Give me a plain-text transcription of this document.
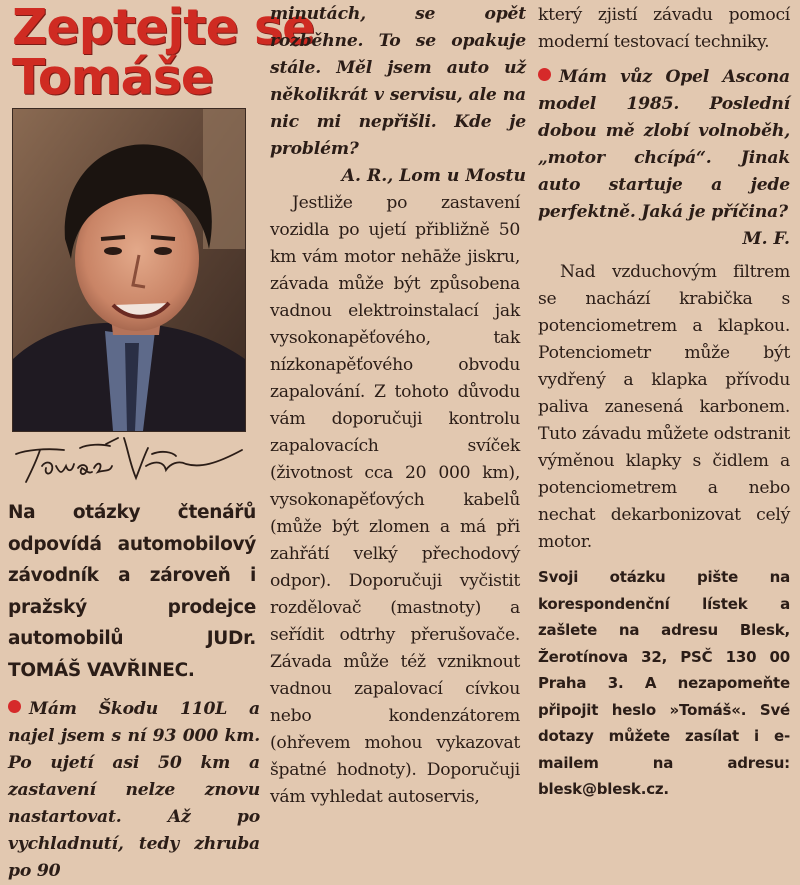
Zeptejte se
Tomáše
Na otázky čtenářů odpovídá automobilový závodník a zároveň i pražský prodejce automobilů JUDr. TOMÁŠ VAVŘINEC.
Mám Škodu 110L a najel jsem s ní 93 000 km. Po ujetí asi 50 km a zastavení nelze znovu nastartovat. Až po vychladnutí, tedy zhruba po 90

minutách, se opět rozběhne. To se opakuje stále. Měl jsem auto už několikrát v servisu, ale na nic mi nepřišli. Kde je problém?

A. R., Lom u Mostu

Jestliže po zastavení vozidla po ujetí přibližně 50 km vám motor nehāže jiskru, závada může být způsobena vadnou elektroinstalací jak vysokonapěťového, tak nízkonapěťového obvodu zapalování. Z tohoto důvodu vám doporučuji kontrolu zapalovacích svíček (životnost cca 20 000 km), vysokonapěťových kabelů (může být zlomen a má při zahřátí velký přechodový odpor). Doporučuji vyčistit rozdělovač (mastnoty) a seřídit odtrhy přerušovače. Závada může též vzniknout vadnou zapalovací cívkou nebo kondenzátorem (ohřevem mohou vykazovat špatné hodnoty). Doporučuji vám vyhledat autoservis,

který zjistí závadu pomocí moderní testovací techniky.

Mám vůz Opel Ascona model 1985. Poslední dobou mě zlobí volnoběh, „motor chcípá“. Jinak auto startuje a jede perfektně. Jaká je příčina?

M. F.

Nad vzduchovým filtrem se nachází krabička s potenciometrem a klapkou. Potenciometr může být vydřený a klapka přívodu paliva zanesená karbonem. Tuto závadu můžete odstranit výměnou klapky s čidlem a potenciometrem a nebo nechat dekarbonizovat celý motor.

Svoji otázku pište na korespondenční lístek a zašlete na adresu Blesk, Žerotínova 32, PSČ 130 00 Praha 3. A nezapomeňte připojit heslo »Tomáš«. Své dotazy můžete zasílat i e-mailem na adresu: blesk@blesk.cz.
